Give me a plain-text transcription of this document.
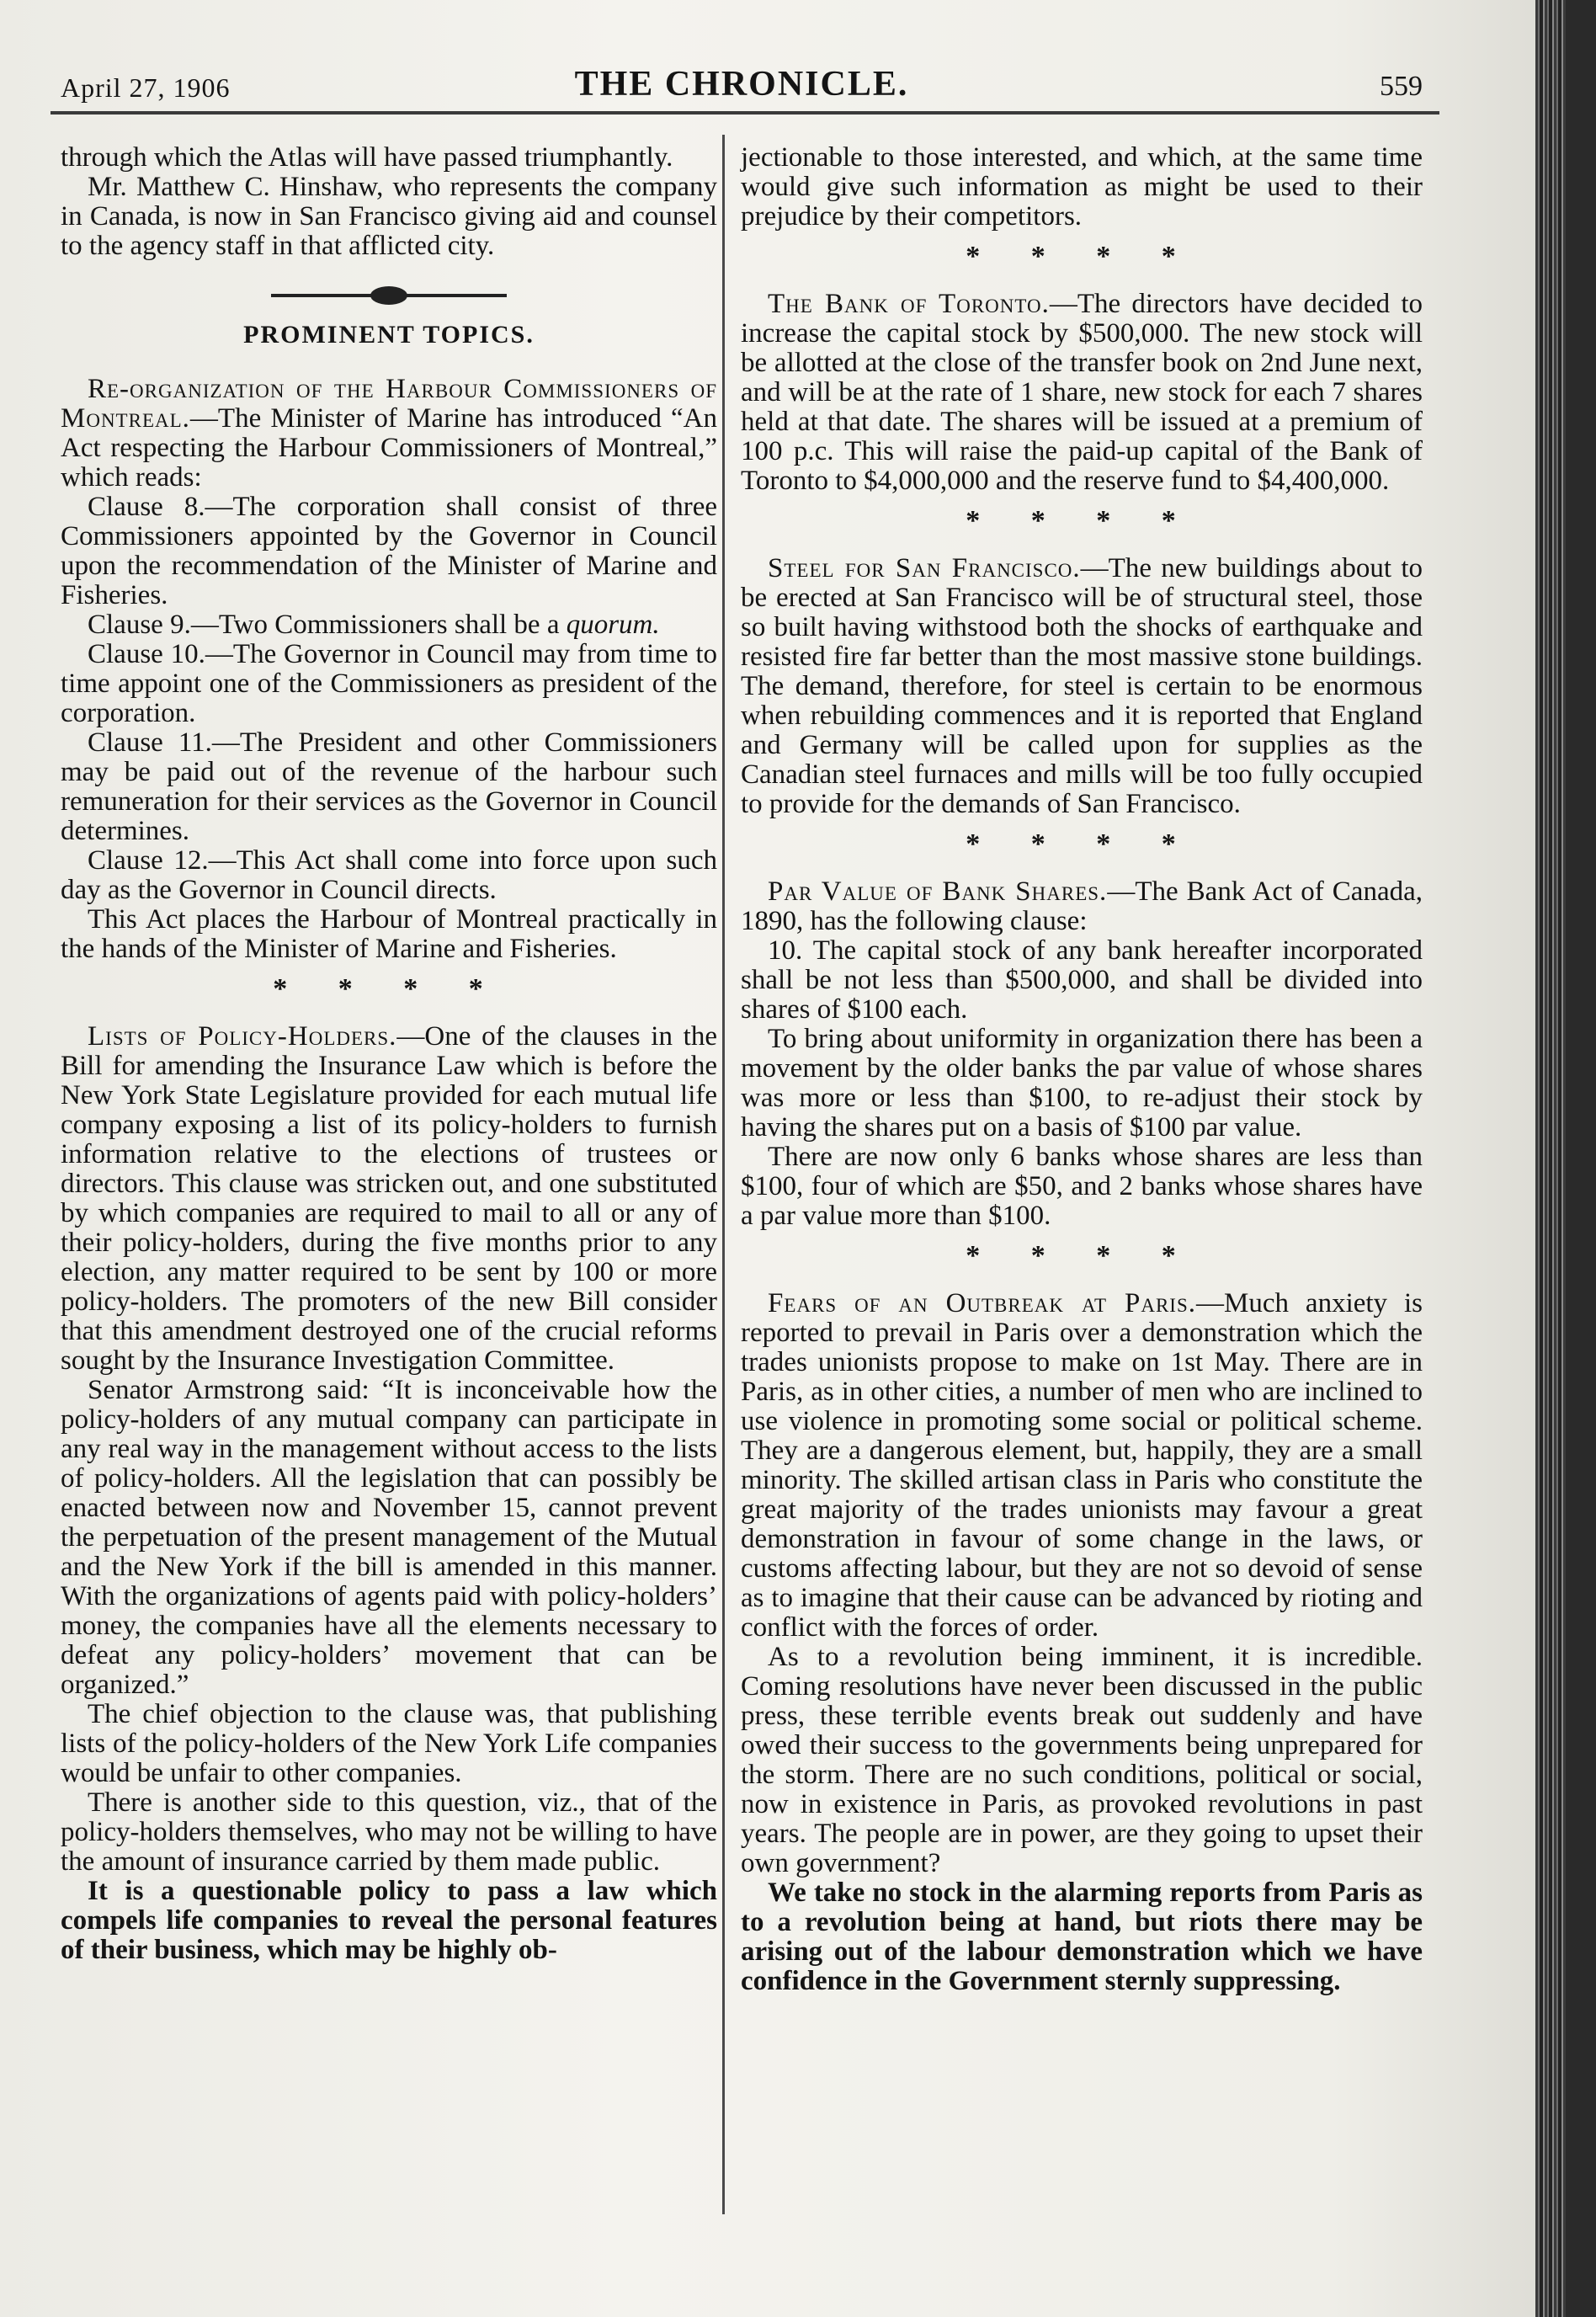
April 27, 1906	THE CHRONICLE.	559

through which the Atlas will have passed triumphantly.

Mr. Matthew C. Hinshaw, who represents the company in Canada, is now in San Francisco giving aid and counsel to the agency staff in that afflicted city.

PROMINENT TOPICS.

Re-organization of the Harbour Commissioners of Montreal.—The Minister of Marine has introduced “An Act respecting the Harbour Commissioners of Montreal,” which reads:

Clause 8.—The corporation shall consist of three Commissioners appointed by the Governor in Council upon the recommendation of the Minister of Marine and Fisheries.

Clause 9.—Two Commissioners shall be a quorum.

Clause 10.—The Governor in Council may from time to time appoint one of the Commissioners as president of the corporation.

Clause 11.—The President and other Commissioners may be paid out of the revenue of the harbour such remuneration for their services as the Governor in Council determines.

Clause 12.—This Act shall come into force upon such day as the Governor in Council directs.

This Act places the Harbour of Montreal practically in the hands of the Minister of Marine and Fisheries.

* * * *

Lists of Policy-Holders.—One of the clauses in the Bill for amending the Insurance Law which is before the New York State Legislature provided for each mutual life company exposing a list of its policy-holders to furnish information relative to the elections of trustees or directors. This clause was stricken out, and one substituted by which companies are required to mail to all or any of their policy-holders, during the five months prior to any election, any matter required to be sent by 100 or more policy-holders. The promoters of the new Bill consider that this amendment destroyed one of the crucial reforms sought by the Insurance Investigation Committee.

Senator Armstrong said: “It is inconceivable how the policy-holders of any mutual company can participate in any real way in the management without access to the lists of policy-holders. All the legislation that can possibly be enacted between now and November 15, cannot prevent the perpetuation of the present management of the Mutual and the New York if the bill is amended in this manner. With the organizations of agents paid with policy-holders’ money, the companies have all the elements necessary to defeat any policy-holders’ movement that can be organized.”

The chief objection to the clause was, that publishing lists of the policy-holders of the New York Life companies would be unfair to other companies.

There is another side to this question, viz., that of the policy-holders themselves, who may not be willing to have the amount of insurance carried by them made public.

It is a questionable policy to pass a law which compels life companies to reveal the personal features of their business, which may be highly ob-

jectionable to those interested, and which, at the same time would give such information as might be used to their prejudice by their competitors.

* * * *

The Bank of Toronto.—The directors have decided to increase the capital stock by $500,000. The new stock will be allotted at the close of the transfer book on 2nd June next, and will be at the rate of 1 share, new stock for each 7 shares held at that date. The shares will be issued at a premium of 100 p.c. This will raise the paid-up capital of the Bank of Toronto to $4,000,000 and the reserve fund to $4,400,000.

* * * *

Steel for San Francisco.—The new buildings about to be erected at San Francisco will be of structural steel, those so built having withstood both the shocks of earthquake and resisted fire far better than the most massive stone buildings. The demand, therefore, for steel is certain to be enormous when rebuilding commences and it is reported that England and Germany will be called upon for supplies as the Canadian steel furnaces and mills will be too fully occupied to provide for the demands of San Francisco.

* * * *

Par Value of Bank Shares.—The Bank Act of Canada, 1890, has the following clause:

10. The capital stock of any bank hereafter incorporated shall be not less than $500,000, and shall be divided into shares of $100 each.

To bring about uniformity in organization there has been a movement by the older banks the par value of whose shares was more or less than $100, to re-adjust their stock by having the shares put on a basis of $100 par value.

There are now only 6 banks whose shares are less than $100, four of which are $50, and 2 banks whose shares have a par value more than $100.

* * * *

Fears of an Outbreak at Paris.—Much anxiety is reported to prevail in Paris over a demonstration which the trades unionists propose to make on 1st May. There are in Paris, as in other cities, a number of men who are inclined to use violence in promoting some social or political scheme. They are a dangerous element, but, happily, they are a small minority. The skilled artisan class in Paris who constitute the great majority of the trades unionists may favour a great demonstration in favour of some change in the laws, or customs affecting labour, but they are not so devoid of sense as to imagine that their cause can be advanced by rioting and conflict with the forces of order.

As to a revolution being imminent, it is incredible. Coming resolutions have never been discussed in the public press, these terrible events break out suddenly and have owed their success to the governments being unprepared for the storm. There are no such conditions, political or social, now in existence in Paris, as provoked revolutions in past years. The people are in power, are they going to upset their own government?

We take no stock in the alarming reports from Paris as to a revolution being at hand, but riots there may be arising out of the labour demonstration which we have confidence in the Government sternly suppressing.
